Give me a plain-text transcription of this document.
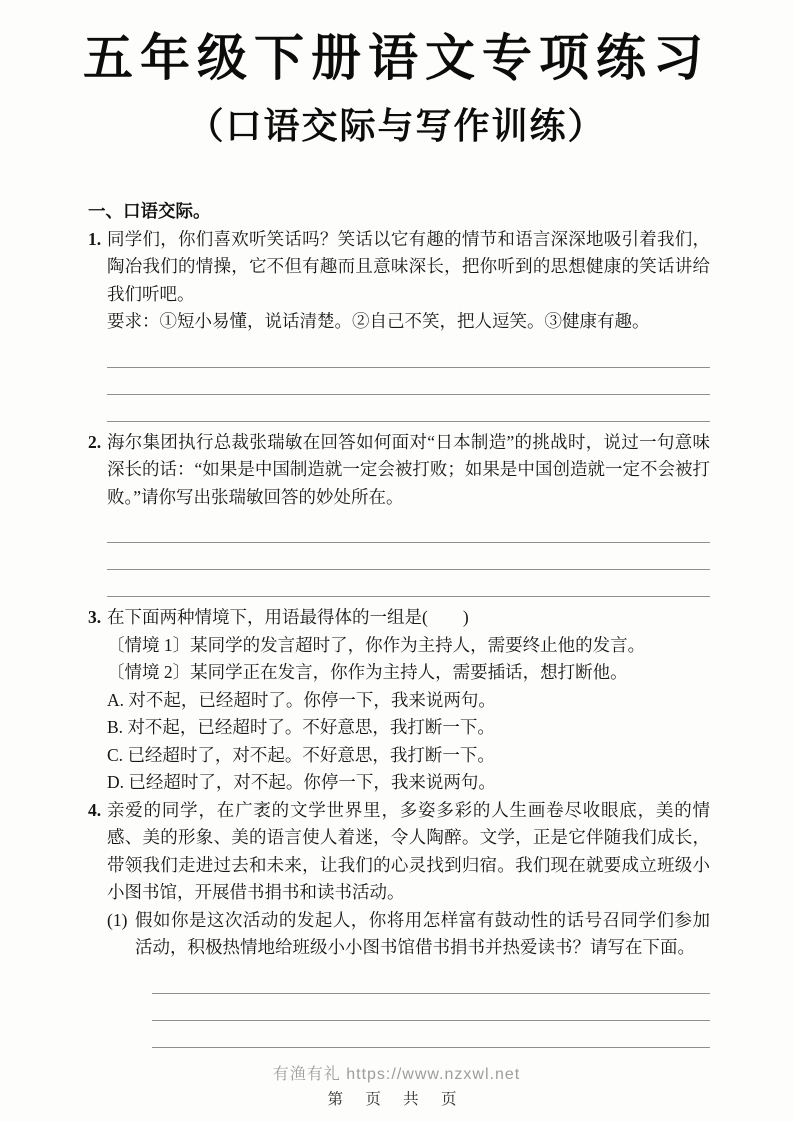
五年级下册语文专项练习
（口语交际与写作训练）
一、口语交际。
1. 同学们，你们喜欢听笑话吗？笑话以它有趣的情节和语言深深地吸引着我们，陶冶我们的情操，它不但有趣而且意味深长，把你听到的思想健康的笑话讲给我们听吧。
要求：①短小易懂，说话清楚。②自己不笑，把人逗笑。③健康有趣。
2. 海尔集团执行总裁张瑞敏在回答如何面对“日本制造”的挑战时，说过一句意味深长的话：“如果是中国制造就一定会被打败；如果是中国创造就一定不会被打败。”请你写出张瑞敏回答的妙处所在。
3. 在下面两种情境下，用语最得体的一组是(　　)
〔情境 1〕某同学的发言超时了，你作为主持人，需要终止他的发言。
〔情境 2〕某同学正在发言，你作为主持人，需要插话，想打断他。
A. 对不起，已经超时了。你停一下，我来说两句。
B. 对不起，已经超时了。不好意思，我打断一下。
C. 已经超时了，对不起。不好意思，我打断一下。
D. 已经超时了，对不起。你停一下，我来说两句。
4. 亲爱的同学，在广袤的文学世界里，多姿多彩的人生画卷尽收眼底，美的情感、美的形象、美的语言使人着迷，令人陶醉。文学，正是它伴随我们成长，带领我们走进过去和未来，让我们的心灵找到归宿。我们现在就要成立班级小小图书馆，开展借书捐书和读书活动。
(1) 假如你是这次活动的发起人，你将用怎样富有鼓动性的话号召同学们参加活动，积极热情地给班级小小图书馆借书捐书并热爱读书？请写在下面。
有渔有礼 https://www.nzxwl.net
第 页 共 页
